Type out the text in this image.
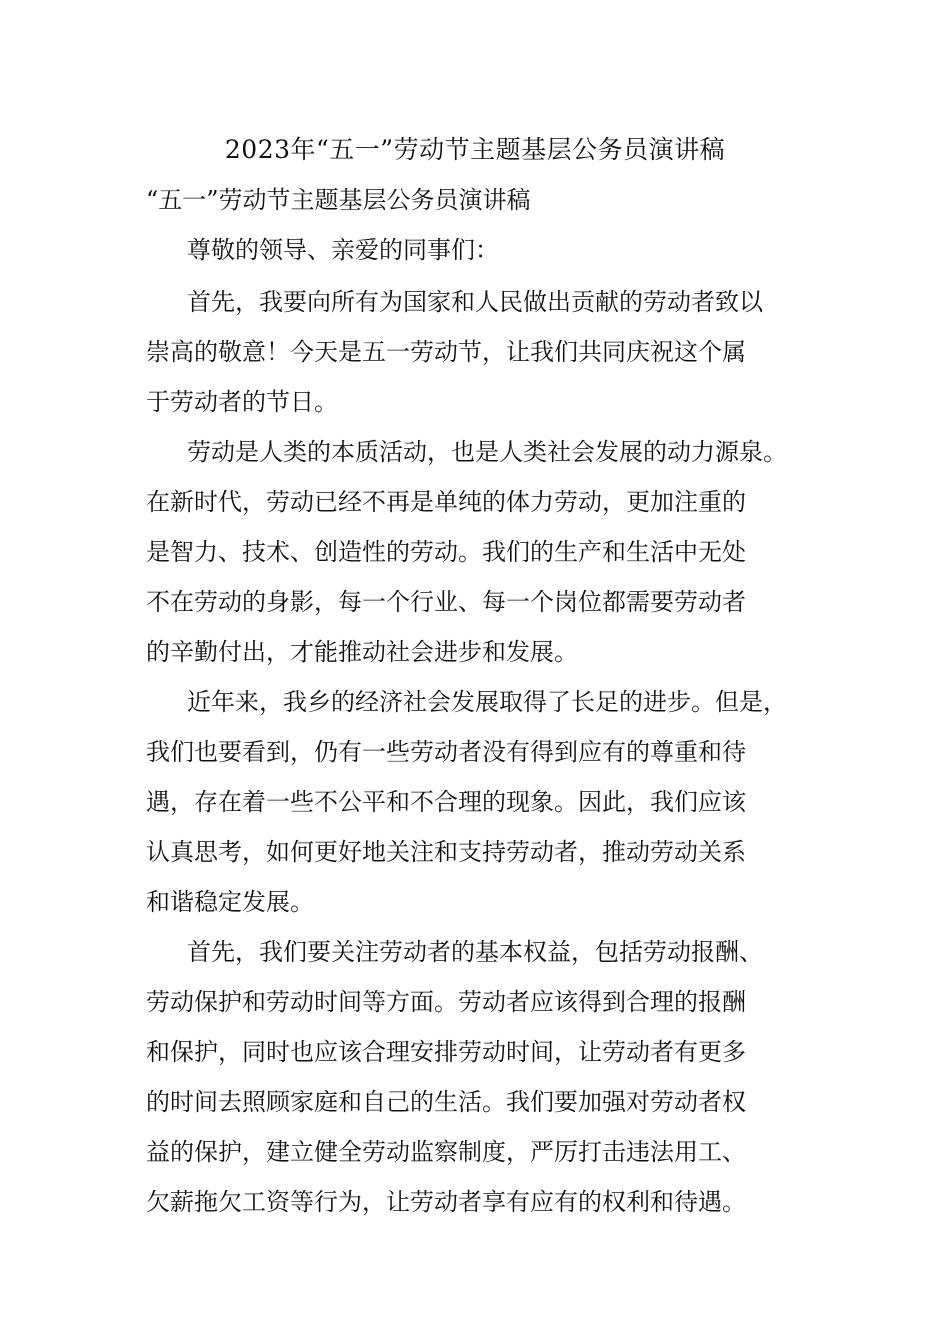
2023年“五一”劳动节主题基层公务员演讲稿
“五一”劳动节主题基层公务员演讲稿
尊敬的领导、亲爱的同事们：
首先，我要向所有为国家和人民做出贡献的劳动者致以
崇高的敬意！今天是五一劳动节，让我们共同庆祝这个属
于劳动者的节日。
劳动是人类的本质活动，也是人类社会发展的动力源泉。
在新时代，劳动已经不再是单纯的体力劳动，更加注重的
是智力、技术、创造性的劳动。我们的生产和生活中无处
不在劳动的身影，每一个行业、每一个岗位都需要劳动者
的辛勤付出，才能推动社会进步和发展。
近年来，我乡的经济社会发展取得了长足的进步。但是，
我们也要看到，仍有一些劳动者没有得到应有的尊重和待
遇，存在着一些不公平和不合理的现象。因此，我们应该
认真思考，如何更好地关注和支持劳动者，推动劳动关系
和谐稳定发展。
首先，我们要关注劳动者的基本权益，包括劳动报酬、
劳动保护和劳动时间等方面。劳动者应该得到合理的报酬
和保护，同时也应该合理安排劳动时间，让劳动者有更多
的时间去照顾家庭和自己的生活。我们要加强对劳动者权
益的保护，建立健全劳动监察制度，严厉打击违法用工、
欠薪拖欠工资等行为，让劳动者享有应有的权利和待遇。
